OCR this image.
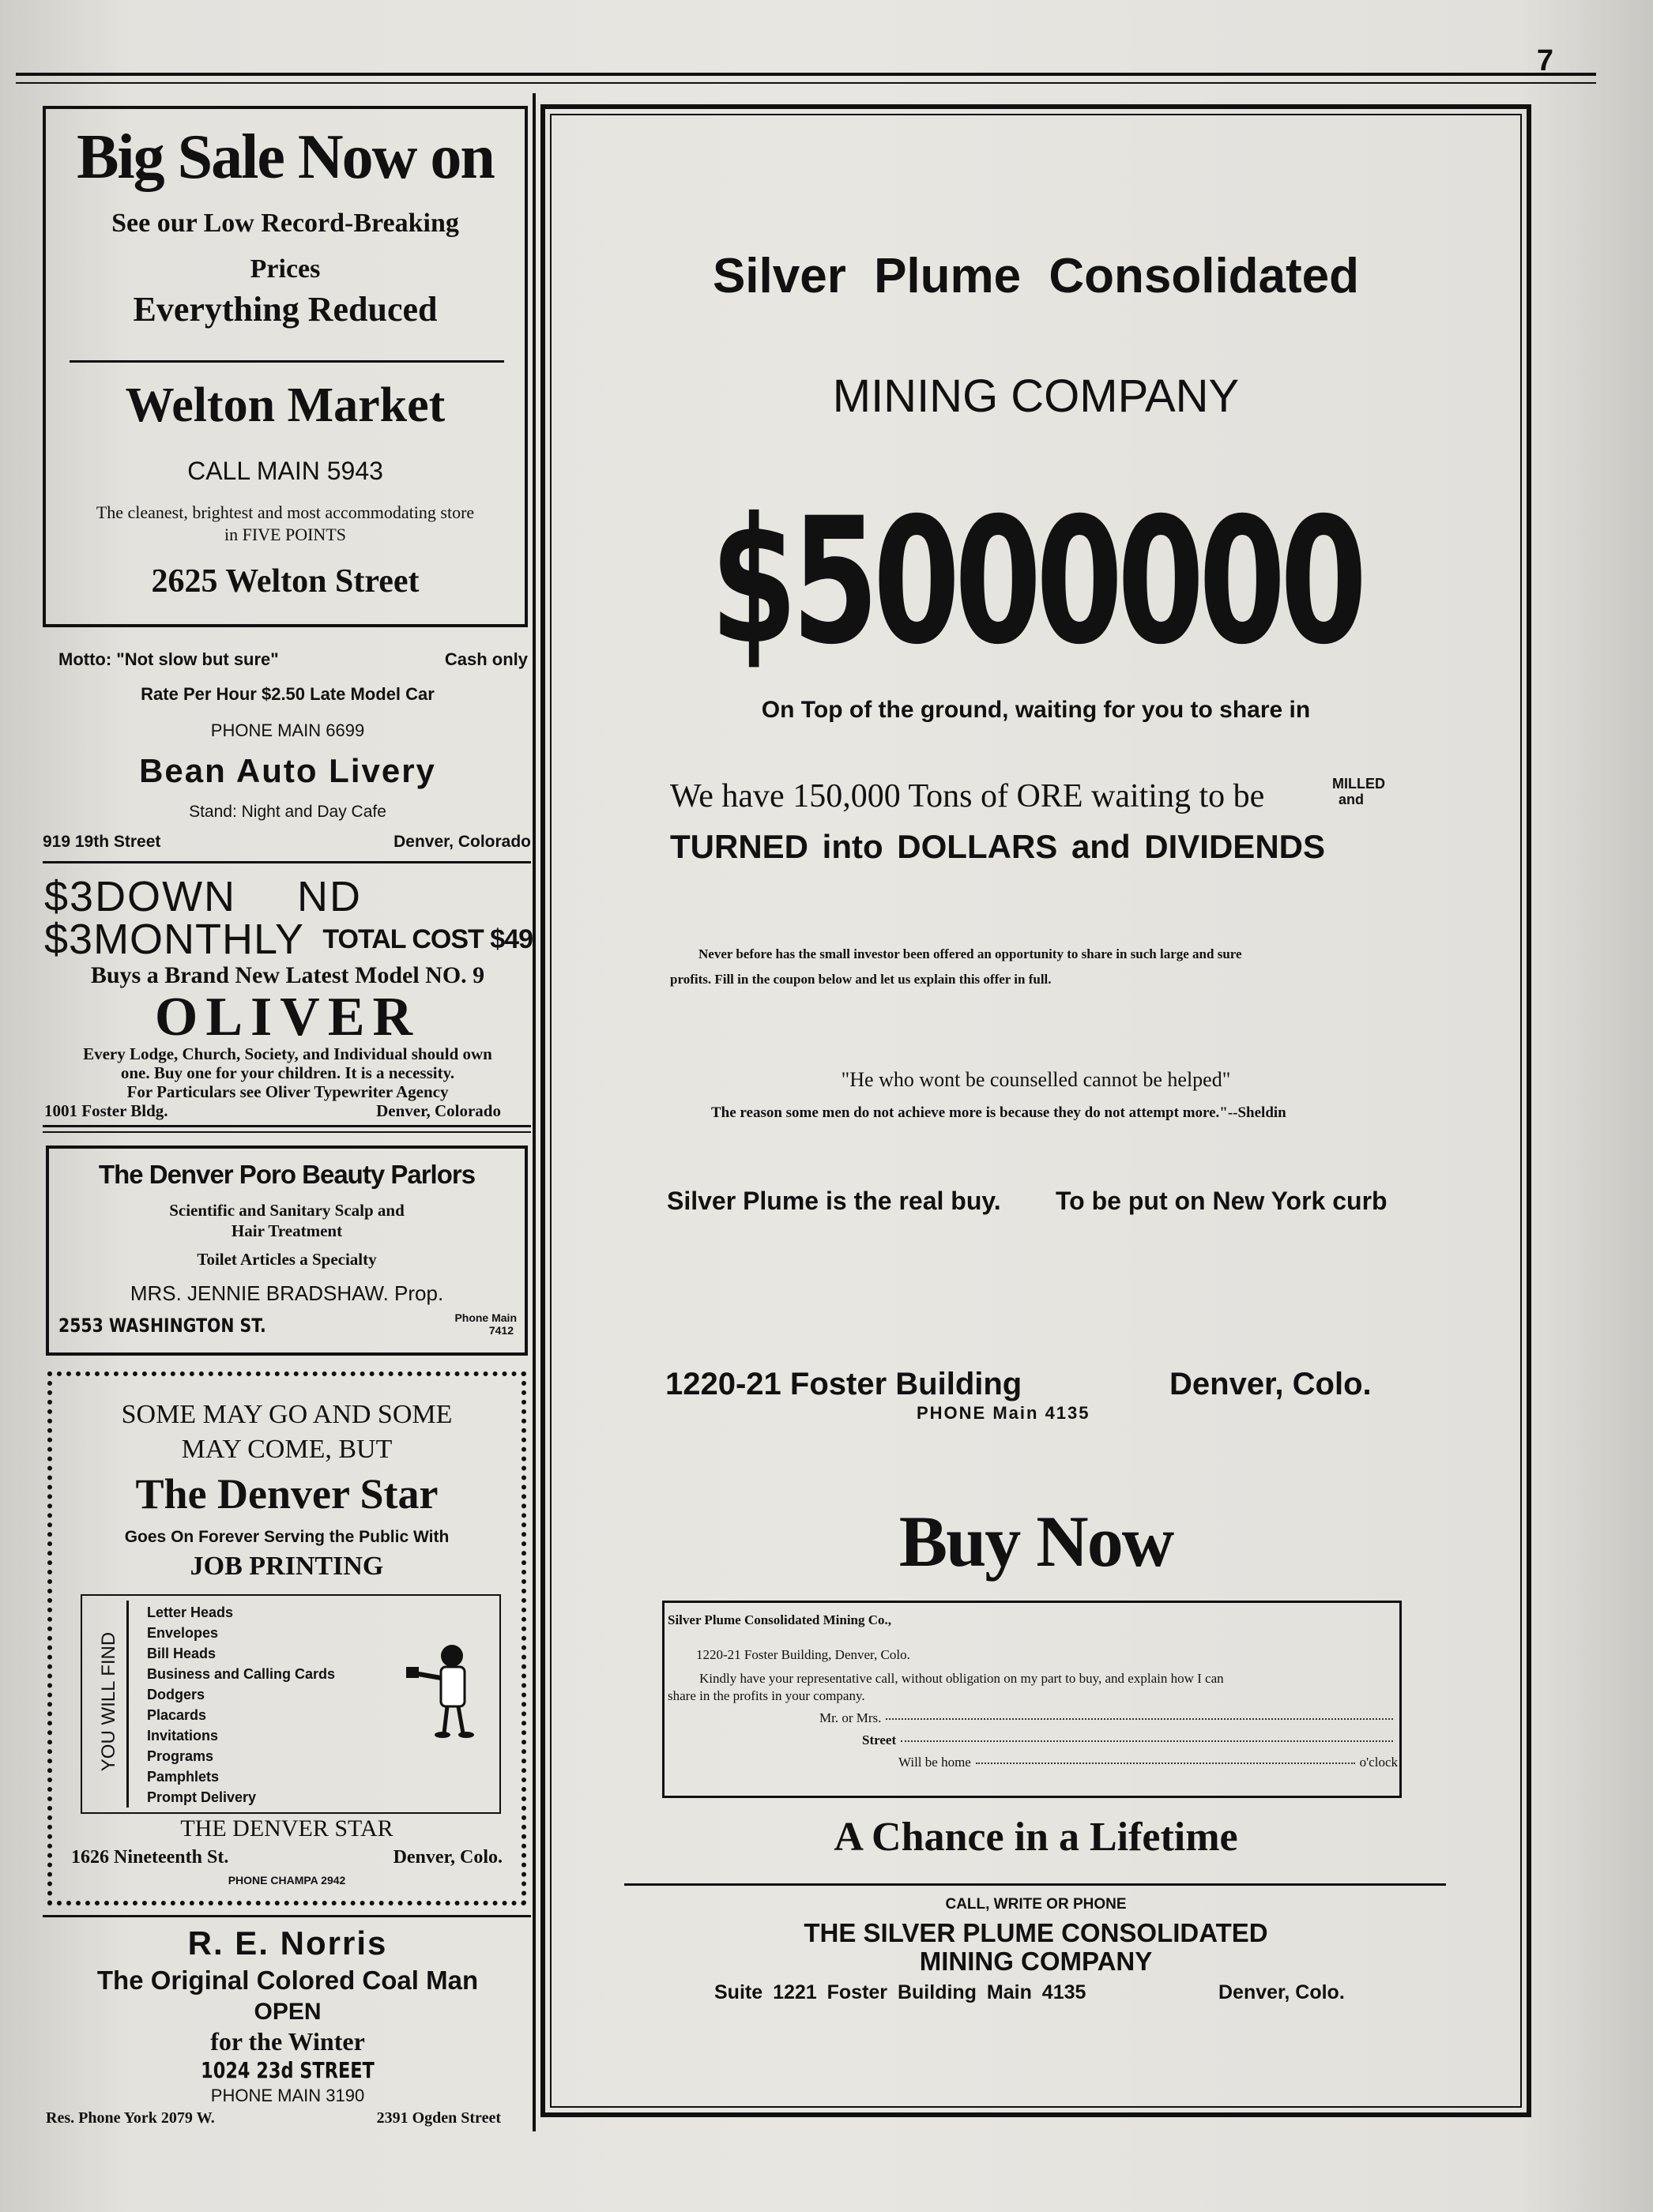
7
Big Sale Now on
See our Low Record-Breaking
Prices
Everything Reduced
Welton Market
CALL MAIN 5943
The cleanest, brightest and most accommodating store
in FIVE POINTS
2625 Welton Street
Motto: "Not slow but sure"	Cash only
Rate Per Hour $2.50 Late Model Car
PHONE MAIN 6699
Bean Auto Livery
Stand: Night and Day Cafe
919 19th Street	Denver, Colorado
$3DOWN ND
$3MONTHLY TOTAL COST $49
Buys a Brand New Latest Model NO. 9
OLIVER
Every Lodge, Church, Society, and Individual should own
one. Buy one for your children. It is a necessity.
For Particulars see Oliver Typewriter Agency
1001 Foster Bldg.	Denver, Colorado
The Denver Poro Beauty Parlors
Scientific and Sanitary Scalp and
Hair Treatment
Toilet Articles a Specialty
MRS. JENNIE BRADSHAW. Prop.
2553 WASHINGTON ST.	Phone Main
7412
SOME MAY GO AND SOME
MAY COME, BUT
The Denver Star
Goes On Forever Serving the Public With
JOB PRINTING
YOU WILL FIND
Letter Heads
Envelopes
Bill Heads
Business and Calling Cards
Dodgers
Placards
Invitations
Programs
Pamphlets
Prompt Delivery
THE DENVER STAR
1626 Nineteenth St.	Denver, Colo.
PHONE CHAMPA 2942
R. E. Norris
The Original Colored Coal Man
OPEN
for the Winter
1024 23d STREET
PHONE MAIN 3190
Res. Phone York 2079 W.	2391 Ogden Street
Silver Plume Consolidated
MINING COMPANY
$5000000
On Top of the ground, waiting for you to share in
We have 150,000 Tons of ORE waiting to be	MILLED
and
TURNED into DOLLARS and DIVIDENDS
Never before has the small investor been offered an opportunity to share in such large and sure
profits. Fill in the coupon below and let us explain this offer in full.
"He who wont be counselled cannot be helped"
The reason some men do not achieve more is because they do not attempt more."--Sheldin
Silver Plume is the real buy. To be put on New York curb
1220-21 Foster Building	Denver, Colo.
PHONE Main 4135
Buy Now
Silver Plume Consolidated Mining Co.,
1220-21 Foster Building, Denver, Colo.
Kindly have your representative call, without obligation on my part to buy, and explain how I can
share in the profits in your company.
Mr. or Mrs.
Street
Will be home	o'clock
A Chance in a Lifetime
CALL, WRITE OR PHONE
THE SILVER PLUME CONSOLIDATED
MINING COMPANY
Suite 1221 Foster Building Main 4135	Denver, Colo.
